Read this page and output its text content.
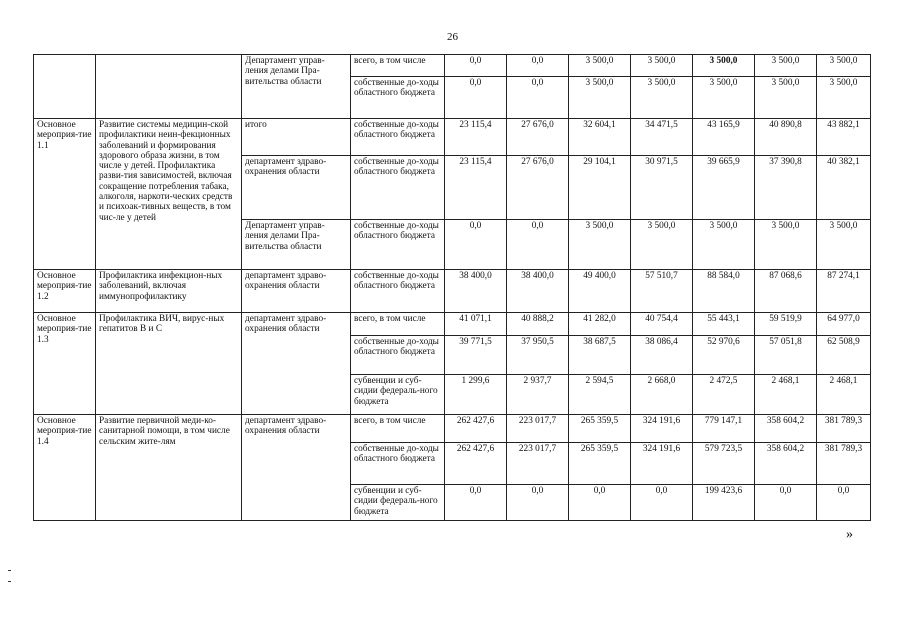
26
		Департамент управ-ления делами Пра-вительства области	всего, в том числе	0,0	0,0	3 500,0	3 500,0	3 500,0	3 500,0	3 500,0
			собственные до-ходы областного бюджета	0,0	0,0	3 500,0	3 500,0	3 500,0	3 500,0	3 500,0
Основное мероприя-тие 1.1	Развитие системы медицин-ской профилактики неин-фекционных заболеваний и формирования здорового образа жизни, в том числе у детей. Профилактика разви-тия зависимостей, включая сокращение потребления табака, алкоголя, наркоти-ческих средств и психоак-тивных веществ, в том чис-ле у детей	итого	собственные до-ходы областного бюджета	23 115,4	27 676,0	32 604,1	34 471,5	43 165,9	40 890,8	43 882,1
		департамент здраво-охранения области	собственные до-ходы областного бюджета	23 115,4	27 676,0	29 104,1	30 971,5	39 665,9	37 390,8	40 382,1
		Департамент управ-ления делами Пра-вительства области	собственные до-ходы областного бюджета	0,0	0,0	3 500,0	3 500,0	3 500,0	3 500,0	3 500,0
Основное мероприя-тие 1.2	Профилактика инфекцион-ных заболеваний, включая иммунопрофилактику	департамент здраво-охранения области	собственные до-ходы областного бюджета	38 400,0	38 400,0	49 400,0	57 510,7	88 584,0	87 068,6	87 274,1
Основное мероприя-тие 1.3	Профилактика ВИЧ, вирус-ных гепатитов В и С	департамент здраво-охранения области	всего, в том числе	41 071,1	40 888,2	41 282,0	40 754,4	55 443,1	59 519,9	64 977,0
			собственные до-ходы областного бюджета	39 771,5	37 950,5	38 687,5	38 086,4	52 970,6	57 051,8	62 508,9
			субвенции и суб-сидии федераль-ного бюджета	1 299,6	2 937,7	2 594,5	2 668,0	2 472,5	2 468,1	2 468,1
Основное мероприя-тие 1.4	Развитие первичной меди-ко-санитарной помощи, в том числе сельским жите-лям	департамент здраво-охранения области	всего, в том числе	262 427,6	223 017,7	265 359,5	324 191,6	779 147,1	358 604,2	381 789,3
			собственные до-ходы областного бюджета	262 427,6	223 017,7	265 359,5	324 191,6	579 723,5	358 604,2	381 789,3
			субвенции и суб-сидии федераль-ного бюджета	0,0	0,0	0,0	0,0	199 423,6	0,0	0,0
»
